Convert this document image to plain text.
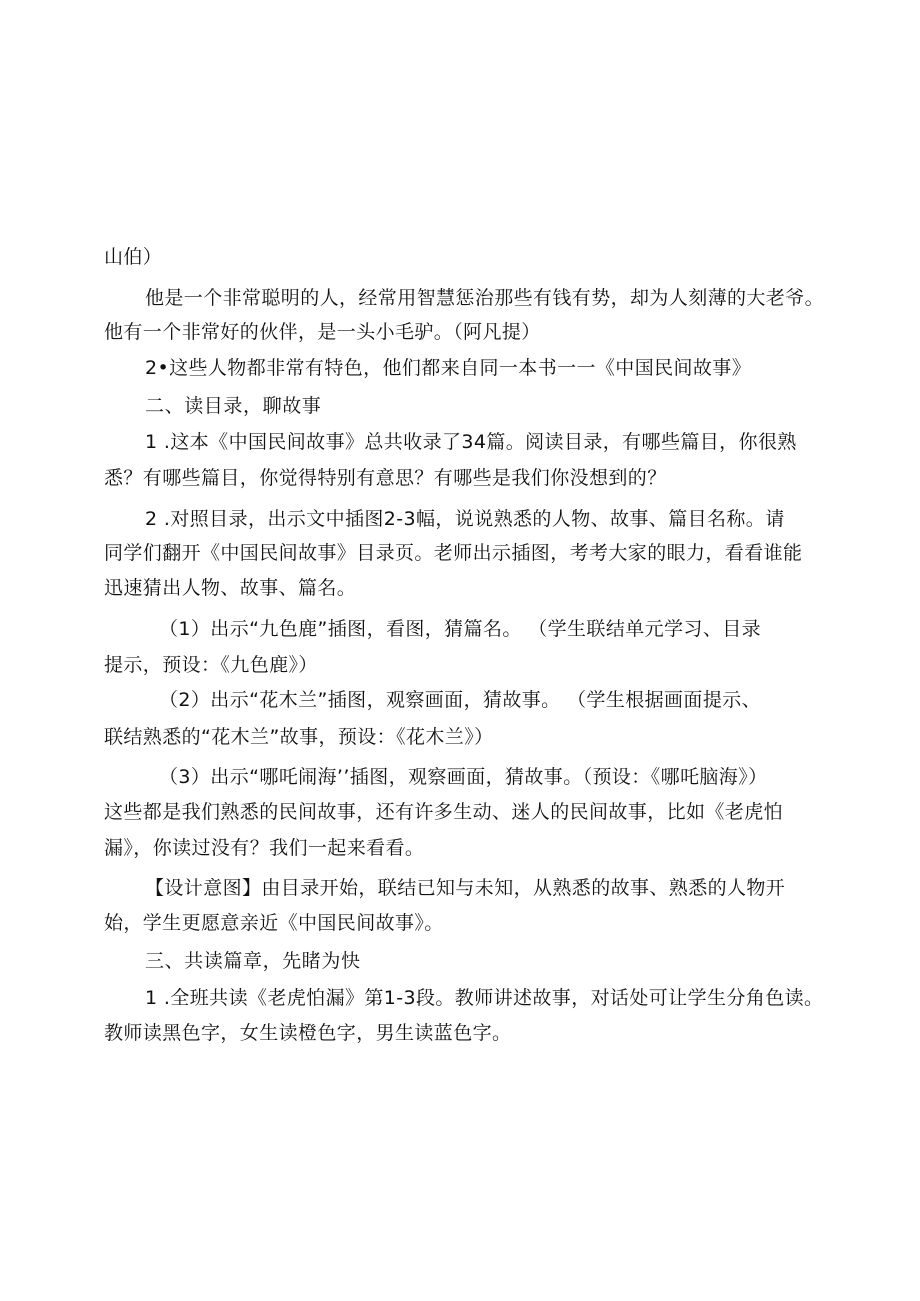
山伯）
他是一个非常聪明的人，经常用智慧惩治那些有钱有势，却为人刻薄的大老爷。
他有一个非常好的伙伴，是一头小毛驴。（阿凡提）
2•这些人物都非常有特色，他们都来自同一本书一一《中国民间故事》
二、读目录，聊故事
1 .这本《中国民间故事》总共收录了34篇。阅读目录，有哪些篇目，你很熟
悉？有哪些篇目，你觉得特别有意思？有哪些是我们你没想到的？
2 .对照目录，出示文中插图2-3幅，说说熟悉的人物、故事、篇目名称。请
同学们翻开《中国民间故事》目录页。老师出示插图，考考大家的眼力，看看谁能
迅速猜出人物、故事、篇名。
（1）出示“九色鹿”插图，看图，猜篇名。 （学生联结单元学习、目录
提示，预设：《九色鹿》）
（2）出示“花木兰”插图，观察画面，猜故事。 （学生根据画面提示、
联结熟悉的“花木兰”故事，预设：《花木兰》）
（3）出示“哪吒闹海’’插图，观察画面，猜故事。（预设：《哪吒脑海》）
这些都是我们熟悉的民间故事，还有许多生动、迷人的民间故事，比如《老虎怕
漏》，你读过没有？我们一起来看看。
【设计意图】由目录开始，联结已知与未知，从熟悉的故事、熟悉的人物开
始，学生更愿意亲近《中国民间故事》。
三、共读篇章，先睹为快
1 .全班共读《老虎怕漏》第1-3段。教师讲述故事，对话处可让学生分角色读。
教师读黑色字，女生读橙色字，男生读蓝色字。
